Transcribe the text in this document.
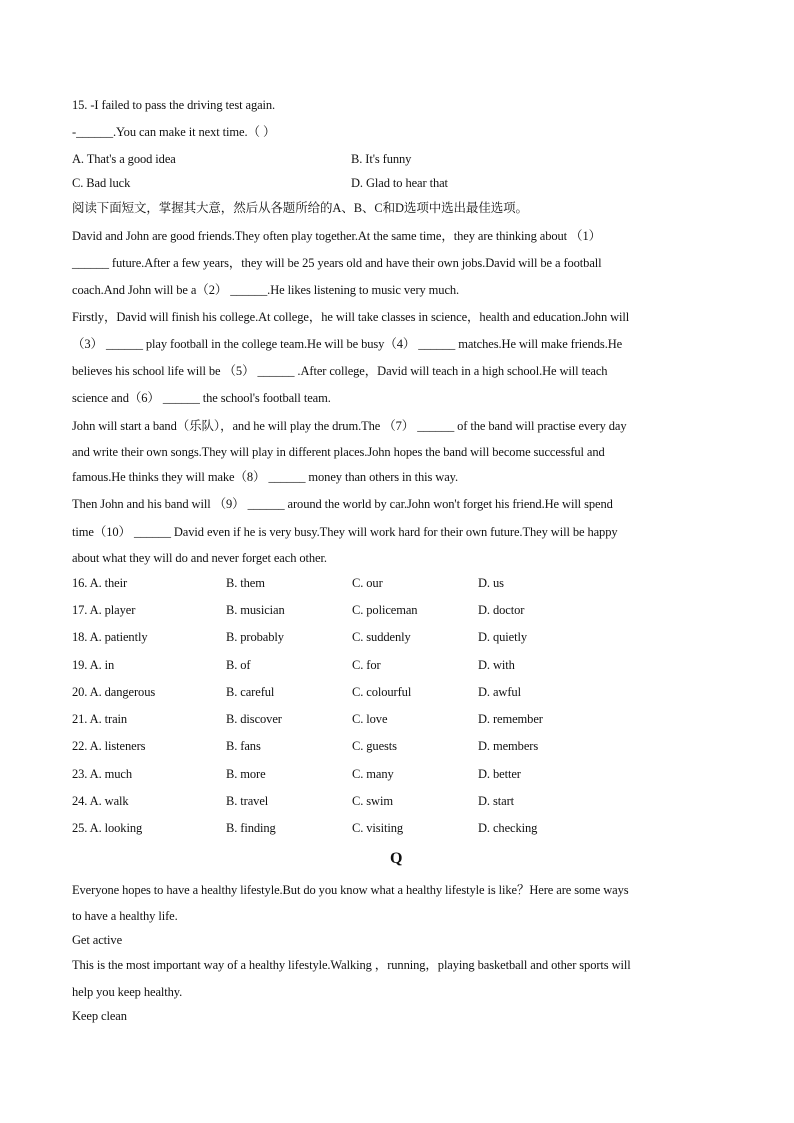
15. -I failed to pass the driving test again.
-______.You can make it next time.（ ）
A. That's a good idea	B. It's funny
C. Bad luck	D. Glad to hear that
阅读下面短文，掌握其大意，然后从各题所给的A、B、C和D选项中选出最佳选项。
David and John are good friends.They often play together.At the same time，they are thinking about （1）
______ future.After a few years，they will be 25 years old and have their own jobs.David will be a football
coach.And John will be a（2） ______.He likes listening to music very much.
Firstly，David will finish his college.At college，he will take classes in science，health and education.John will
（3） ______ play football in the college team.He will be busy（4） ______ matches.He will make friends.He
believes his school life will be （5） ______ .After college，David will teach in a high school.He will teach
science and（6） ______ the school's football team.
John will start a band（乐队），and he will play the drum.The （7） ______ of the band will practise every day
and write their own songs.They will play in different places.John hopes the band will become successful and
famous.He thinks they will make（8） ______ money than others in this way.
Then John and his band will （9） ______ around the world by car.John won't forget his friend.He will spend
time（10） ______ David even if he is very busy.They will work hard for their own future.They will be happy
about what they will do and never forget each other.
16. A. their	B. them	C. our	D. us
17. A. player	B. musician	C. policeman	D. doctor
18. A. patiently	B. probably	C. suddenly	D. quietly
19. A. in	B. of	C. for	D. with
20. A. dangerous	B. careful	C. colourful	D. awful
21. A. train	B. discover	C. love	D. remember
22. A. listeners	B. fans	C. guests	D. members
23. A. much	B. more	C. many	D. better
24. A. walk	B. travel	C. swim	D. start
25. A. looking	B. finding	C. visiting	D. checking
Q
Everyone hopes to have a healthy lifestyle.But do you know what a healthy lifestyle is like？Here are some ways
to have a healthy life.
Get active
This is the most important way of a healthy lifestyle.Walking ，running，playing basketball and other sports will
help you keep healthy.
Keep clean
